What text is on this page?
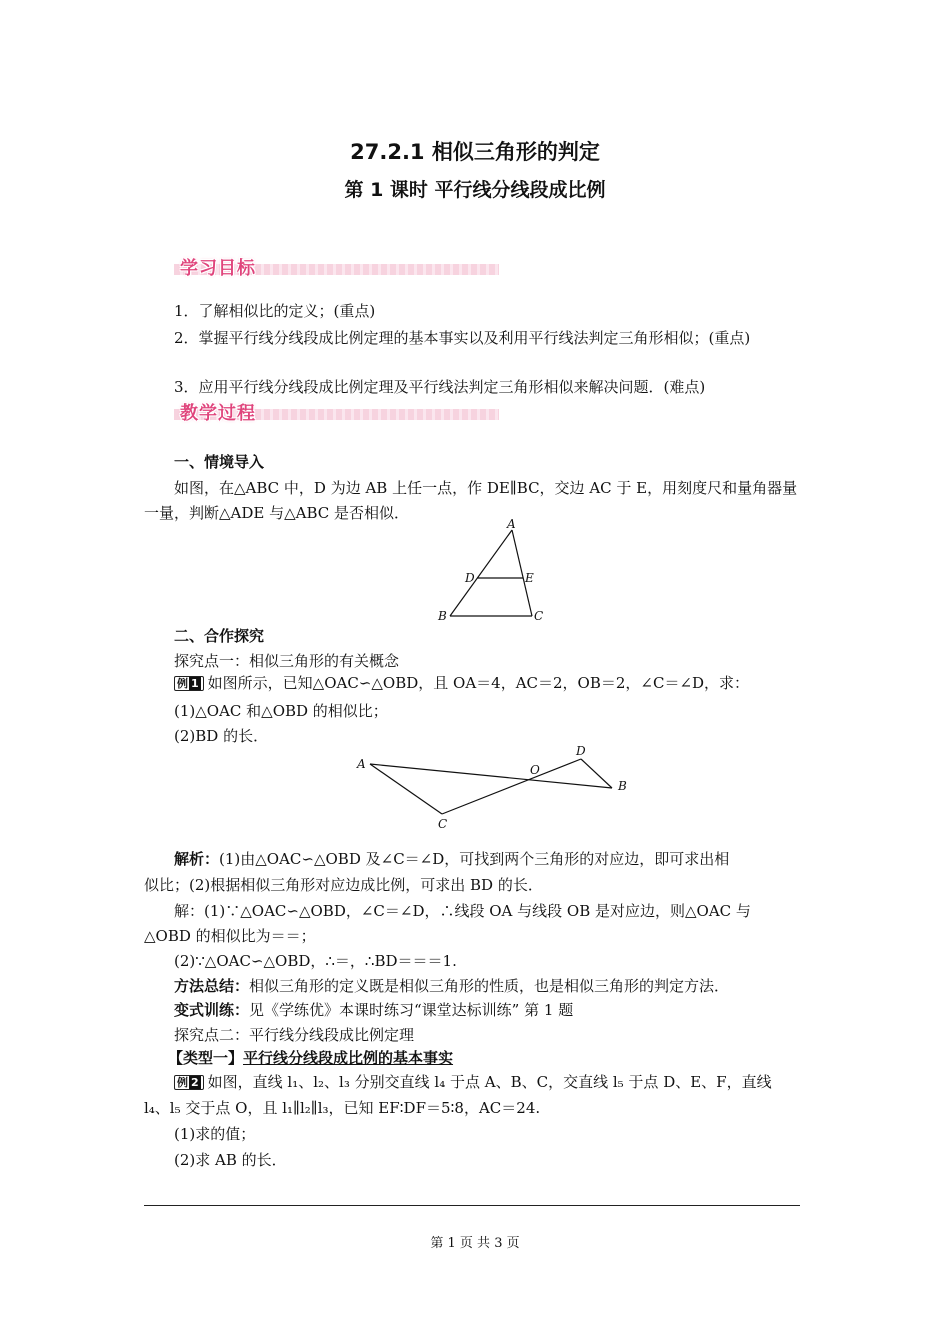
27.2.1 相似三角形的判定
第 1 课时 平行线分线段成比例
学习目标
1．了解相似比的定义；(重点)
2．掌握平行线分线段成比例定理的基本事实以及利用平行线法判定三角形相似；(重点)
3．应用平行线分线段成比例定理及平行线法判定三角形相似来解决问题．(难点)
教学过程
一、情境导入
如图，在△ABC 中，D 为边 AB 上任一点，作 DE∥BC，交边 AC 于 E，用刻度尺和量角器量一量，判断△ADE 与△ABC 是否相似．
A
D	E
B	C
二、合作探究
探究点一：相似三角形的有关概念
例 1 如图所示，已知△OAC∽△OBD，且 OA＝4，AC＝2，OB＝2，∠C＝∠D，求：
(1)△OAC 和△OBD 的相似比；
(2)BD 的长．
A	O
D
B
C
解析：(1)由△OAC∽△OBD 及∠C＝∠D，可找到两个三角形的对应边，即可求出相
似比；(2)根据相似三角形对应边成比例，可求出 BD 的长．
解：(1)∵△OAC∽△OBD，∠C＝∠D，∴线段 OA 与线段 OB 是对应边，则△OAC 与
△OBD 的相似比为＝＝；
(2)∵△OAC∽△OBD，∴＝，∴BD＝＝＝1.
方法总结：相似三角形的定义既是相似三角形的性质，也是相似三角形的判定方法．
变式训练：见《学练优》本课时练习“课堂达标训练” 第 1 题
探究点二：平行线分线段成比例定理
【类型一】平行线分线段成比例的基本事实
例 2 如图，直线 l₁、l₂、l₃ 分别交直线 l₄ 于点 A、B、C，交直线 l₅ 于点 D、E、F，直线
l₄、l₅ 交于点 O，且 l₁∥l₂∥l₃，已知 EF∶DF＝5∶8，AC＝24.
(1)求的值；
(2)求 AB 的长．
第 1 页 共 3 页
